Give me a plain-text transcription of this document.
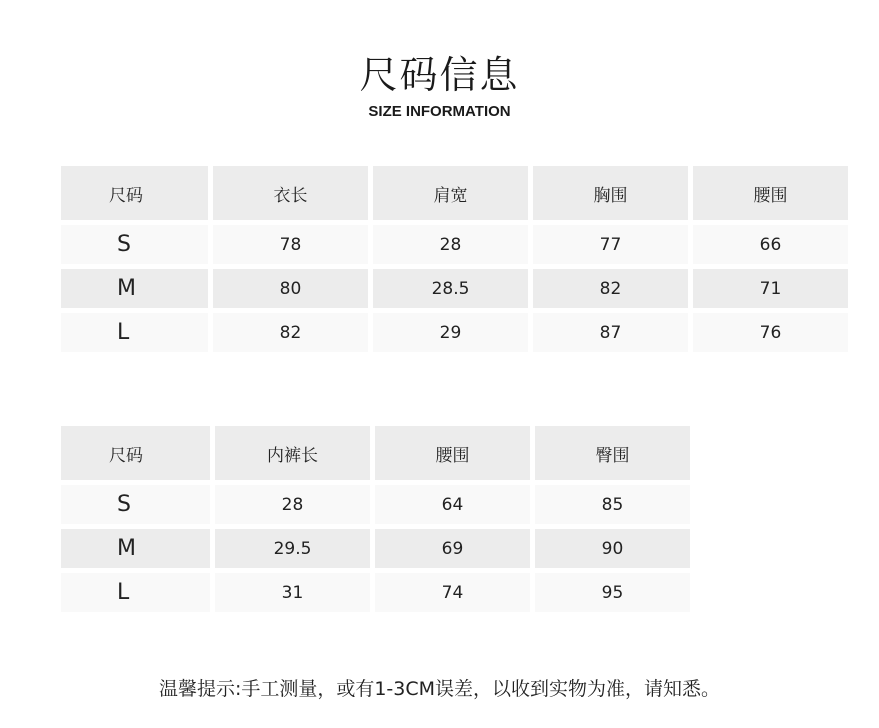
尺码信息
SIZE INFORMATION
尺码	衣长	肩宽	胸围	腰围
S	78	28	77	66
M	80	28.5	82	71
L	82	29	87	76
尺码	内裤长	腰围	臀围
S	28	64	85
M	29.5	69	90
L	31	74	95
温馨提示:手工测量，或有1-3CM误差，以收到实物为准，请知悉。
